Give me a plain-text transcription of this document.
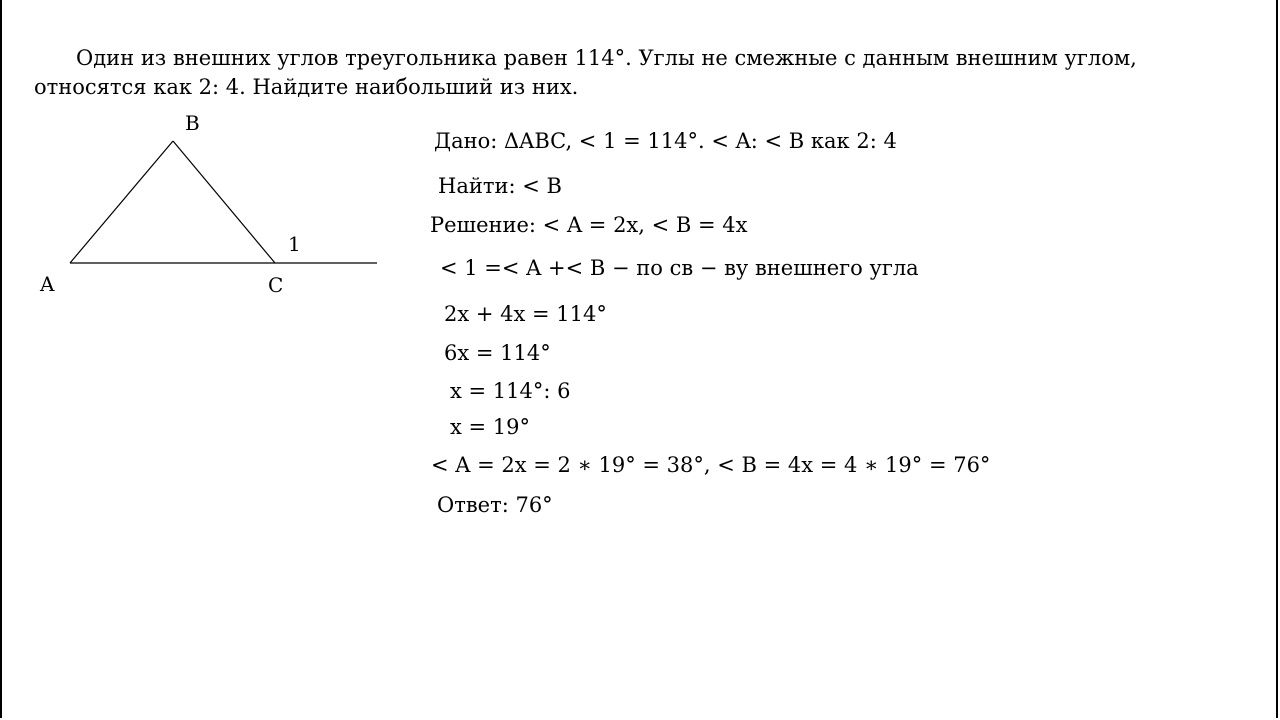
Один из внешних углов треугольника равен 114°. Углы не смежные с данным внешним углом,
относятся как 2: 4. Найдите наибольший из них.
B
A	C
1
Дано: ΔABC, < 1 = 114°. < A: < B как 2: 4
Найти: < B
Решение: < A = 2x, < B = 4x
< 1 =< A +< B − по св − ву внешнего угла
2x + 4x = 114°
6x = 114°
x = 114°: 6
x = 19°
< A = 2x = 2 ∗ 19° = 38°, < B = 4x = 4 ∗ 19° = 76°
Ответ: 76°
